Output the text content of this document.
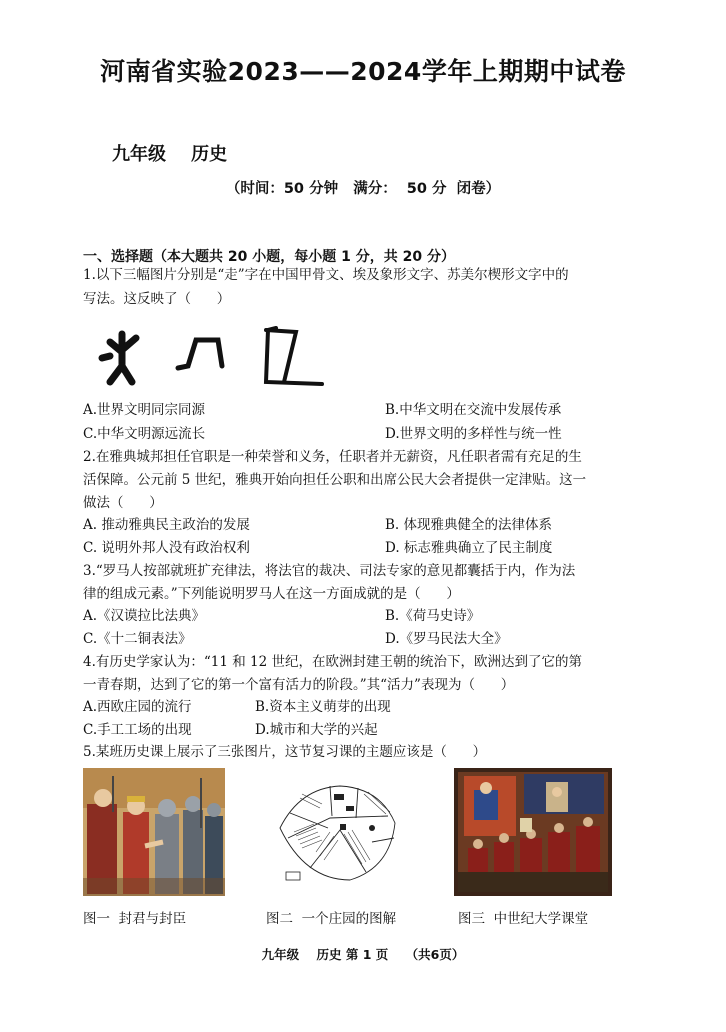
河南省实验2023——2024学年上期期中试卷
九年级 历史
（时间：50 分钟   满分：  50 分  闭卷）
一、选择题（本大题共 20 小题，每小题 1 分，共 20 分）
1.以下三幅图片分别是“走”字在中国甲骨文、埃及象形文字、苏美尔楔形文字中的
写法。这反映了（      ）
A.世界文明同宗同源	B.中华文明在交流中发展传承
C.中华文明源远流长	D.世界文明的多样性与统一性
2.在雅典城邦担任官职是一种荣誉和义务，任职者并无薪资，凡任职者需有充足的生
活保障。公元前 5 世纪，雅典开始向担任公职和出席公民大会者提供一定津贴。这一
做法（      ）
A. 推动雅典民主政治的发展	B. 体现雅典健全的法律体系
C. 说明外邦人没有政治权利	D. 标志雅典确立了民主制度
3.“罗马人按部就班扩充律法，将法官的裁决、司法专家的意见都囊括于内，作为法
律的组成元素。”下列能说明罗马人在这一方面成就的是（      ）
A.《汉谟拉比法典》	B.《荷马史诗》
C.《十二铜表法》	D.《罗马民法大全》
4.有历史学家认为：“11 和 12 世纪，在欧洲封建王朝的统治下，欧洲达到了它的第
一青春期，达到了它的第一个富有活力的阶段。”其“活力”表现为（      ）
A.西欧庄园的流行	B.资本主义萌芽的出现
C.手工工场的出现	D.城市和大学的兴起
5.某班历史课上展示了三张图片，这节复习课的主题应该是（      ）
图一  封君与封臣	图二  一个庄园的图解	图三  中世纪大学课堂
九年级    历史 第 1 页    （共6页）
